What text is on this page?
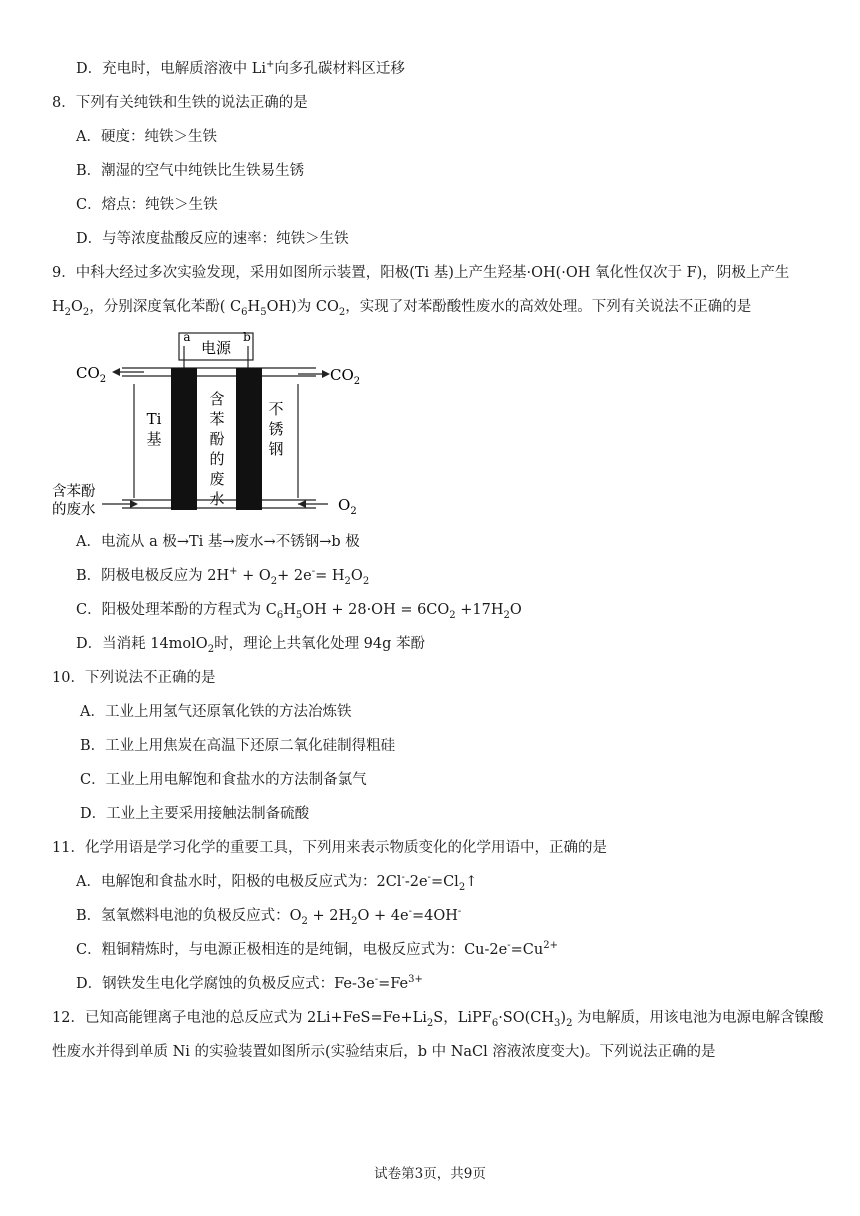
D．充电时，电解质溶液中 Li+向多孔碳材料区迁移
8．下列有关纯铁和生铁的说法正确的是
A．硬度：纯铁＞生铁
B．潮湿的空气中纯铁比生铁易生锈
C．熔点：纯铁＞生铁
D．与等浓度盐酸反应的速率：纯铁＞生铁
9．中科大经过多次实验发现，采用如图所示装置，阳极(Ti 基)上产生羟基·OH(·OH 氧化性仅次于 F)，阴极上产生
$H_2O_2$，分别深度氧化苯酚( $C_6H_5OH$)为 $CO_2$，实现了对苯酚酸性废水的高效处理。下列有关说法不正确的是
电源
a	b
$CO_2$	$CO_2$
Ti
基
含
苯
酚
的
废
水
不
锈
钢
含苯酚
的废水	$O_2$
A．电流从 a 极→Ti 基→废水→不锈钢→b 极
B．阴极电极反应为 $2H^+ + O_2+ 2e^-= H_2O_2$
C．阳极处理苯酚的方程式为 $C_6H_5OH + 28\cdot OH = 6CO_2 +17H_2O$
D．当消耗 14molO$_2$时，理论上共氧化处理 94g 苯酚
10．下列说法不正确的是
A．工业上用氢气还原氧化铁的方法冶炼铁
B．工业上用焦炭在高温下还原二氧化硅制得粗硅
C．工业上用电解饱和食盐水的方法制备氯气
D．工业上主要采用接触法制备硫酸
11．化学用语是学习化学的重要工具，下列用来表示物质变化的化学用语中，正确的是
A．电解饱和食盐水时，阳极的电极反应式为：$2Cl^--2e^-=Cl_2↑$
B．氢氧燃料电池的负极反应式：$O_2 + 2H_2O + 4e^-=4OH^-$
C．粗铜精炼时，与电源正极相连的是纯铜，电极反应式为：$Cu-2e^-=Cu^{2+}$
D．钢铁发生电化学腐蚀的负极反应式：$Fe-3e^-=Fe^{3+}$
12．已知高能锂离子电池的总反应式为 $2Li+FeS=Fe+Li_2S$，$LiPF_6\cdot SO(CH_3)_2$ 为电解质，用该电池为电源电解含镍酸
性废水并得到单质 Ni 的实验装置如图所示(实验结束后，b 中 NaCl 溶液浓度变大)。下列说法正确的是
试卷第3页，共9页
